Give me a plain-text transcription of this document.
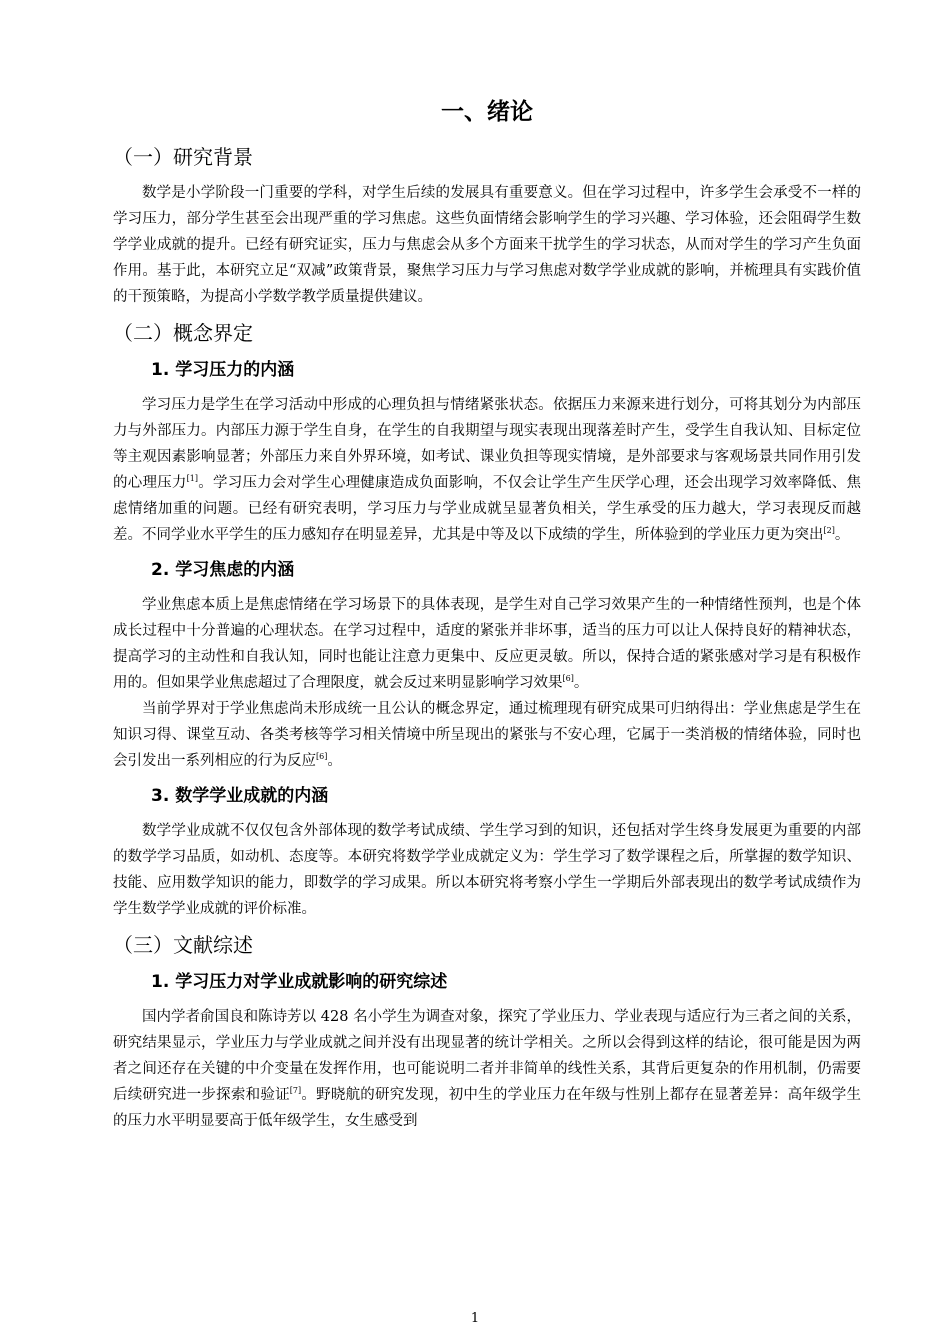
一、绪论
（一）研究背景

数学是小学阶段一门重要的学科，对学生后续的发展具有重要意义。但在学习过程中，许多学生会承受不一样的学习压力，部分学生甚至会出现严重的学习焦虑。这些负面情绪会影响学生的学习兴趣、学习体验，还会阻碍学生数学学业成就的提升。已经有研究证实，压力与焦虑会从多个方面来干扰学生的学习状态，从而对学生的学习产生负面作用。基于此，本研究立足“双减”政策背景，聚焦学习压力与学习焦虑对数学学业成就的影响，并梳理具有实践价值的干预策略，为提高小学数学教学质量提供建议。

（二）概念界定
1. 学习压力的内涵

学习压力是学生在学习活动中形成的心理负担与情绪紧张状态。依据压力来源来进行划分，可将其划分为内部压力与外部压力。内部压力源于学生自身，在学生的自我期望与现实表现出现落差时产生，受学生自我认知、目标定位等主观因素影响显著；外部压力来自外界环境，如考试、课业负担等现实情境，是外部要求与客观场景共同作用引发的心理压力[1]。学习压力会对学生心理健康造成负面影响，不仅会让学生产生厌学心理，还会出现学习效率降低、焦虑情绪加重的问题。已经有研究表明，学习压力与学业成就呈显著负相关，学生承受的压力越大，学习表现反而越差。不同学业水平学生的压力感知存在明显差异，尤其是中等及以下成绩的学生，所体验到的学业压力更为突出[2]。

2. 学习焦虑的内涵

学业焦虑本质上是焦虑情绪在学习场景下的具体表现，是学生对自己学习效果产生的一种情绪性预判，也是个体成长过程中十分普遍的心理状态。在学习过程中，适度的紧张并非坏事，适当的压力可以让人保持良好的精神状态，提高学习的主动性和自我认知，同时也能让注意力更集中、反应更灵敏。所以，保持合适的紧张感对学习是有积极作用的。但如果学业焦虑超过了合理限度，就会反过来明显影响学习效果[6]。

当前学界对于学业焦虑尚未形成统一且公认的概念界定，通过梳理现有研究成果可归纳得出：学业焦虑是学生在知识习得、课堂互动、各类考核等学习相关情境中所呈现出的紧张与不安心理，它属于一类消极的情绪体验，同时也会引发出一系列相应的行为反应[6]。

3. 数学学业成就的内涵

数学学业成就不仅仅包含外部体现的数学考试成绩、学生学习到的知识，还包括对学生终身发展更为重要的内部的数学学习品质，如动机、态度等。本研究将数学学业成就定义为：学生学习了数学课程之后，所掌握的数学知识、技能、应用数学知识的能力，即数学的学习成果。所以本研究将考察小学生一学期后外部表现出的数学考试成绩作为学生数学学业成就的评价标准。

（三）文献综述
1. 学习压力对学业成就影响的研究综述

国内学者俞国良和陈诗芳以 428 名小学生为调查对象，探究了学业压力、学业表现与适应行为三者之间的关系，研究结果显示，学业压力与学业成就之间并没有出现显著的统计学相关。之所以会得到这样的结论，很可能是因为两者之间还存在关键的中介变量在发挥作用，也可能说明二者并非简单的线性关系，其背后更复杂的作用机制，仍需要后续研究进一步探索和验证[7]。野晓航的研究发现，初中生的学业压力在年级与性别上都存在显著差异：高年级学生的压力水平明显要高于低年级学生，女生感受到

1
